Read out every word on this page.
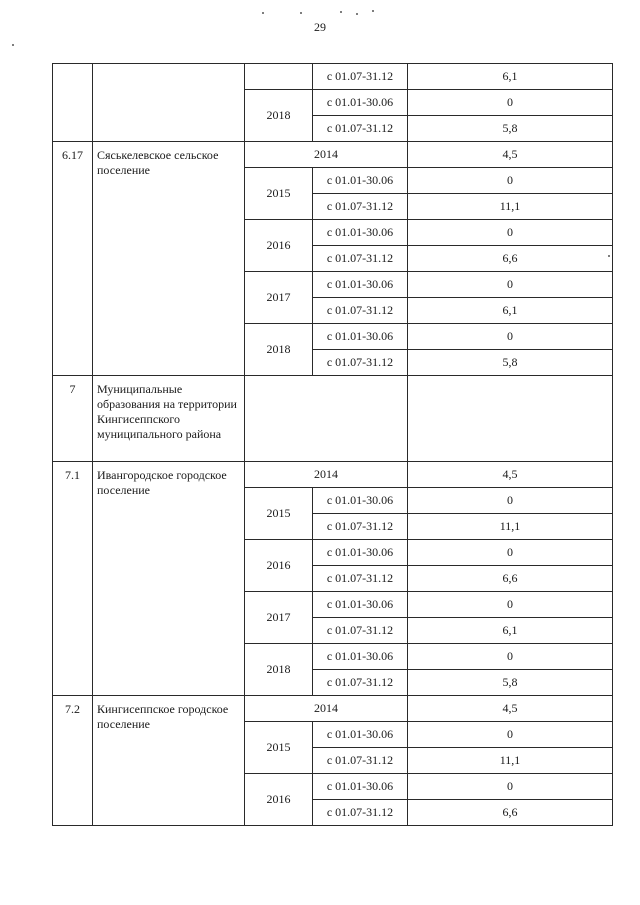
29
			с 01.07-31.12	6,1
		2018	с 01.01-30.06	0
			с 01.07-31.12	5,8
6.17	Сяськелевское сельское поселение	2014		4,5
		2015	с 01.01-30.06	0
			с 01.07-31.12	11,1
		2016	с 01.01-30.06	0
			с 01.07-31.12	6,6
		2017	с 01.01-30.06	0
			с 01.07-31.12	6,1
		2018	с 01.01-30.06	0
			с 01.07-31.12	5,8
7	Муниципальные образования на территории Кингисеппского муниципального района			
7.1	Ивангородское городское поселение	2014		4,5
		2015	с 01.01-30.06	0
			с 01.07-31.12	11,1
		2016	с 01.01-30.06	0
			с 01.07-31.12	6,6
		2017	с 01.01-30.06	0
			с 01.07-31.12	6,1
		2018	с 01.01-30.06	0
			с 01.07-31.12	5,8
7.2	Кингисеппское городское поселение	2014		4,5
		2015	с 01.01-30.06	0
			с 01.07-31.12	11,1
		2016	с 01.01-30.06	0
			с 01.07-31.12	6,6
